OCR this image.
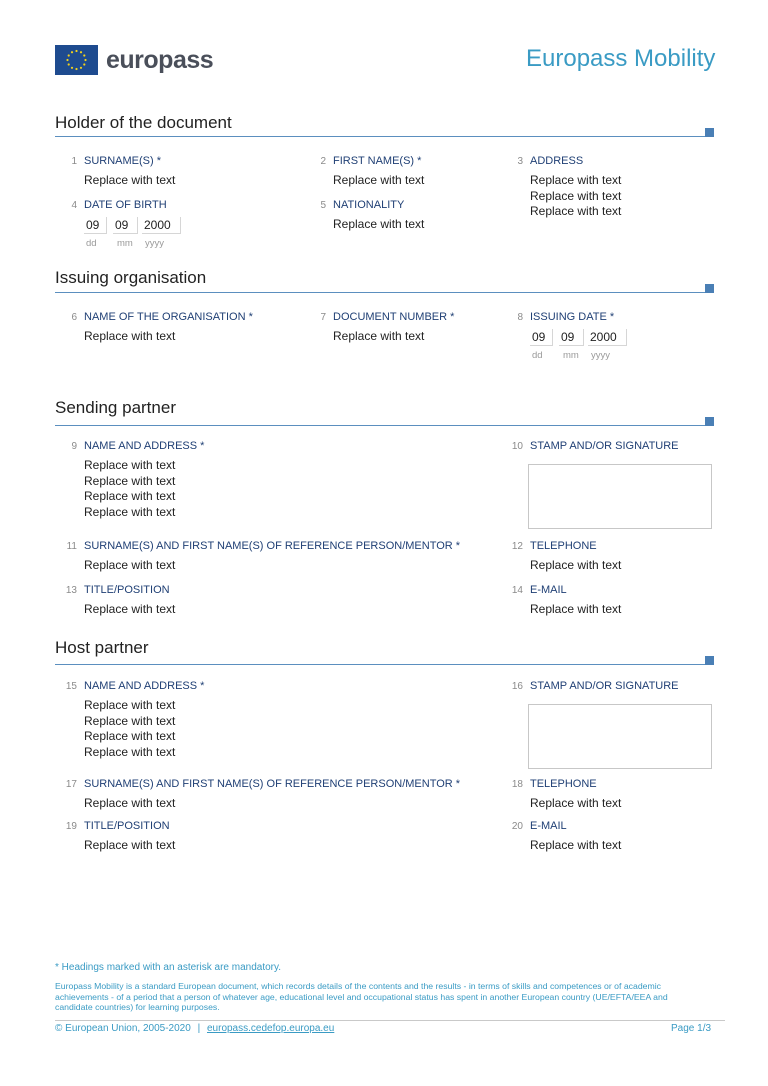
europass	Europass Mobility
Holder of the document
1 SURNAME(S) *
Replace with text
2 FIRST NAME(S) *
Replace with text
3 ADDRESS
Replace with text
Replace with text
Replace with text
4 DATE OF BIRTH
09	09	2000
dd mm yyyy
5 NATIONALITY
Replace with text
Issuing organisation
6 NAME OF THE ORGANISATION *
Replace with text
7 DOCUMENT NUMBER *
Replace with text
8 ISSUING DATE *
09	09	2000
dd mm yyyy
Sending partner
9 NAME AND ADDRESS *
Replace with text
Replace with text
Replace with text
Replace with text
10 STAMP AND/OR SIGNATURE
11 SURNAME(S) AND FIRST NAME(S) OF REFERENCE PERSON/MENTOR *
Replace with text
12 TELEPHONE
Replace with text
13 TITLE/POSITION
Replace with text
14 E-MAIL
Replace with text
Host partner
15 NAME AND ADDRESS *
Replace with text
Replace with text
Replace with text
Replace with text
16 STAMP AND/OR SIGNATURE
17 SURNAME(S) AND FIRST NAME(S) OF REFERENCE PERSON/MENTOR *
Replace with text
18 TELEPHONE
Replace with text
19 TITLE/POSITION
Replace with text
20 E-MAIL
Replace with text
* Headings marked with an asterisk are mandatory.
Europass Mobility is a standard European document, which records details of the contents and the results - in terms of skills and competences or of academic achievements - of a period that a person of whatever age, educational level and occupational status has spent in another European country (UE/EFTA/EEA and candidate countries) for learning purposes.
© European Union, 2005-2020 | europass.cedefop.europa.eu	Page 1/3
